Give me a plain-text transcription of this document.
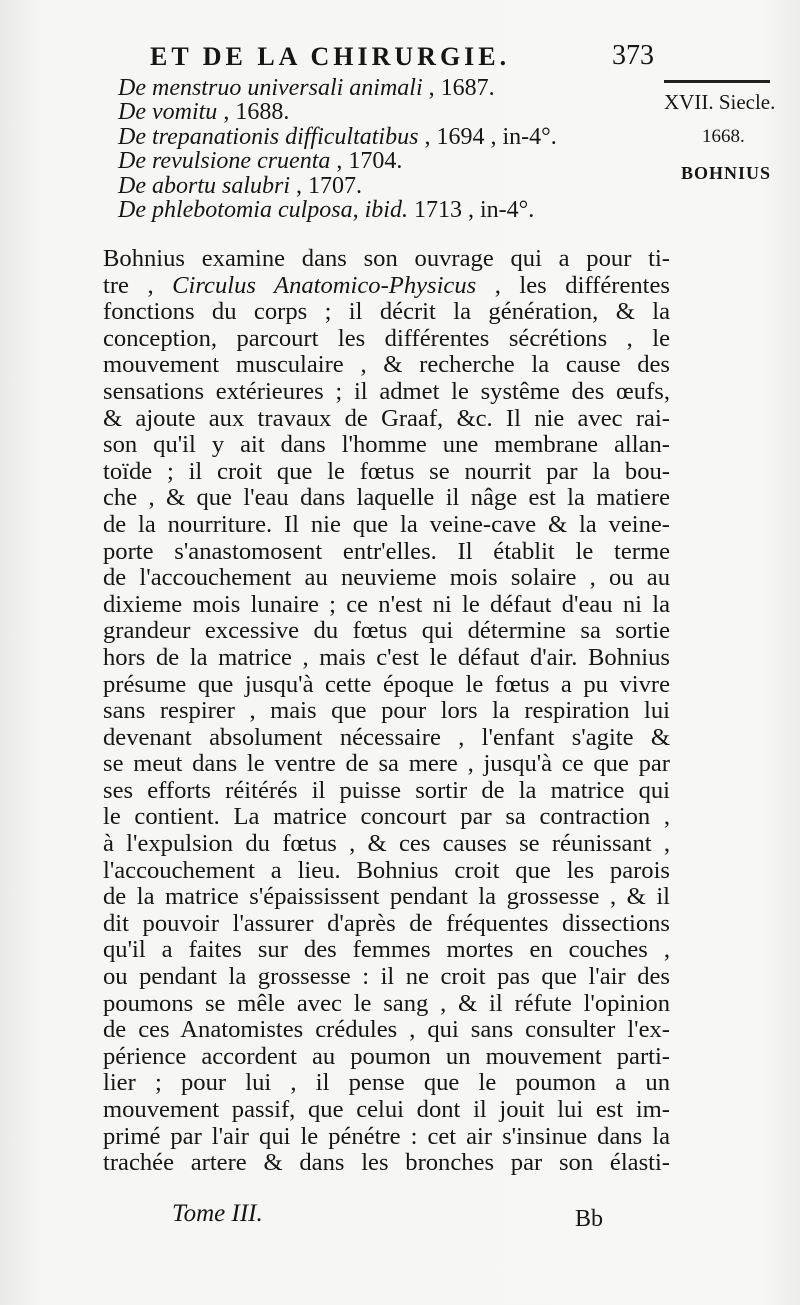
ET DE LA CHIRURGIE.	373
XVII. Siecle.
1668.
BOHNIUS
De menstruo universali animali , 1687.
De vomitu , 1688.
De trepanationis difficultatibus , 1694 , in-4°.
De revulsione cruenta , 1704.
De abortu salubri , 1707.
De phlebotomia culposa, ibid. 1713 , in-4°.
Bohnius examine dans son ouvrage qui a pour ti-
tre , Circulus Anatomico-Physicus , les différentes
fonctions du corps ; il décrit la génération, & la
conception, parcourt les différentes sécrétions , le
mouvement musculaire , & recherche la cause des
sensations extérieures ; il admet le systême des œufs,
& ajoute aux travaux de Graaf, &c. Il nie avec rai-
son qu'il y ait dans l'homme une membrane allan-
toïde ; il croit que le fœtus se nourrit par la bou-
che , & que l'eau dans laquelle il nâge est la matiere
de la nourriture. Il nie que la veine-cave & la veine-
porte s'anastomosent entr'elles. Il établit le terme
de l'accouchement au neuvieme mois solaire , ou au
dixieme mois lunaire ; ce n'est ni le défaut d'eau ni la
grandeur excessive du fœtus qui détermine sa sortie
hors de la matrice , mais c'est le défaut d'air. Bohnius
présume que jusqu'à cette époque le fœtus a pu vivre
sans respirer , mais que pour lors la respiration lui
devenant absolument nécessaire , l'enfant s'agite &
se meut dans le ventre de sa mere , jusqu'à ce que par
ses efforts réitérés il puisse sortir de la matrice qui
le contient. La matrice concourt par sa contraction ,
à l'expulsion du fœtus , & ces causes se réunissant ,
l'accouchement a lieu. Bohnius croit que les parois
de la matrice s'épaississent pendant la grossesse , & il
dit pouvoir l'assurer d'après de fréquentes dissections
qu'il a faites sur des femmes mortes en couches ,
ou pendant la grossesse : il ne croit pas que l'air des
poumons se mêle avec le sang , & il réfute l'opinion
de ces Anatomistes crédules , qui sans consulter l'ex-
périence accordent au poumon un mouvement parti-
lier ; pour lui , il pense que le poumon a un
mouvement passif, que celui dont il jouit lui est im-
primé par l'air qui le pénétre : cet air s'insinue dans la
trachée artere & dans les bronches par son élasti-
Tome III.	Bb
